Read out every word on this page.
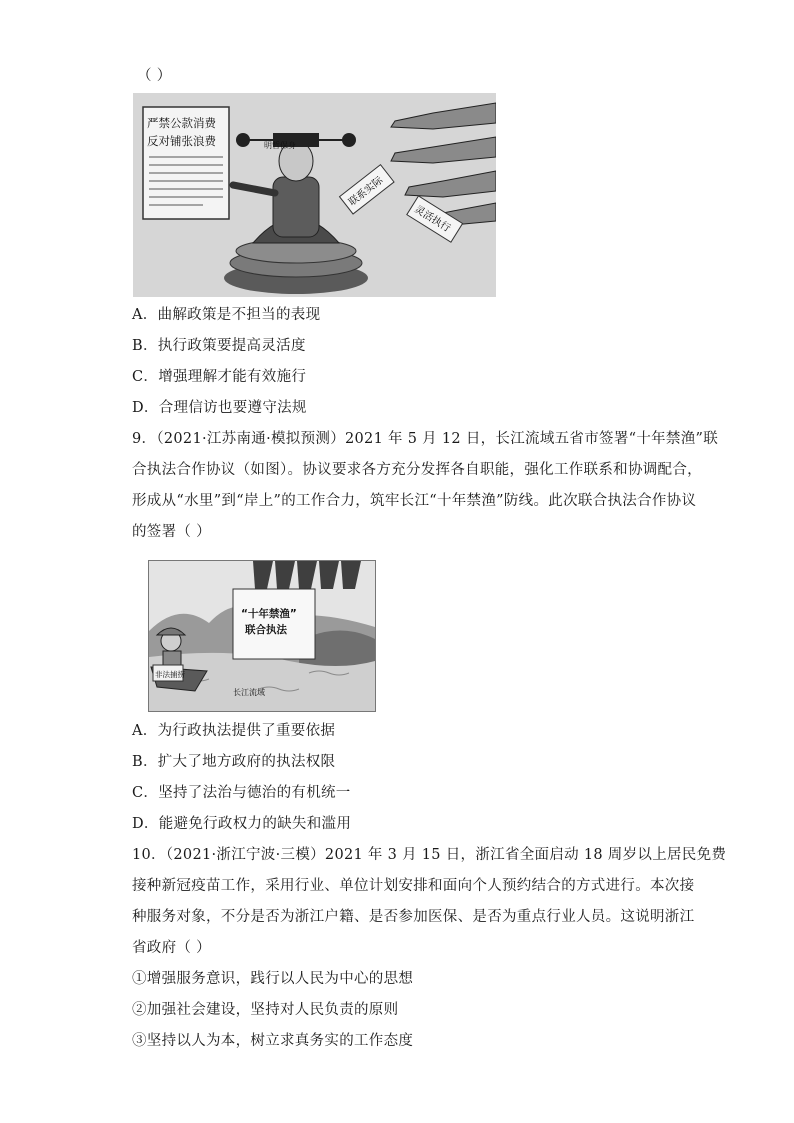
（ ）
严禁公款消费
反对铺张浪费	明哲保身
联系实际
灵活执行
A．曲解政策是不担当的表现
B．执行政策要提高灵活度
C．增强理解才能有效施行
D．合理信访也要遵守法规
9．（2021·江苏南通·模拟预测）2021 年 5 月 12 日，长江流域五省市签署“十年禁渔”联
合执法合作协议（如图）。协议要求各方充分发挥各自职能，强化工作联系和协调配合，
形成从“水里”到“岸上”的工作合力，筑牢长江“十年禁渔”防线。此次联合执法合作协议
的签署（ ）
“十年禁渔”
联合执法
非法捕捞
长江流域
A．为行政执法提供了重要依据
B．扩大了地方政府的执法权限
C．坚持了法治与德治的有机统一
D．能避免行政权力的缺失和滥用
10．（2021·浙江宁波·三模）2021 年 3 月 15 日，浙江省全面启动 18 周岁以上居民免费
接种新冠疫苗工作，采用行业、单位计划安排和面向个人预约结合的方式进行。本次接
种服务对象，不分是否为浙江户籍、是否参加医保、是否为重点行业人员。这说明浙江
省政府（ ）
①增强服务意识，践行以人民为中心的思想
②加强社会建设，坚持对人民负责的原则
③坚持以人为本，树立求真务实的工作态度
